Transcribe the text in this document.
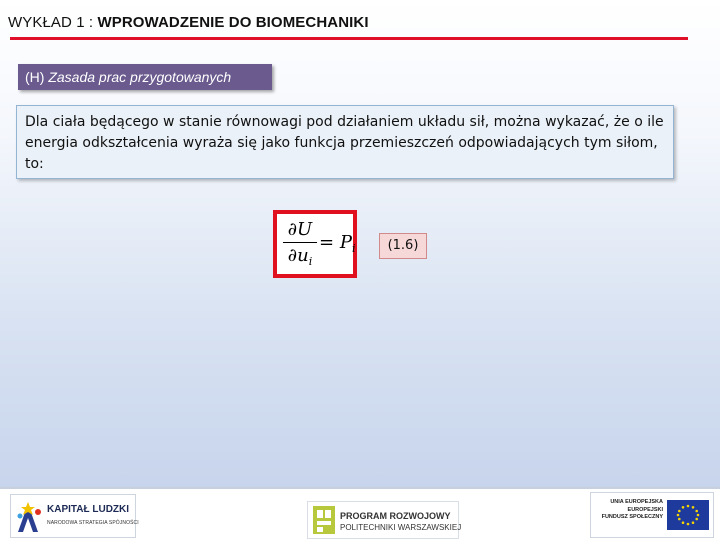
WYKŁAD 1 : WPROWADZENIE DO BIOMECHANIKI
(H) Zasada prac przygotowanych
Dla ciała będącego w stanie równowagi pod działaniem układu sił, można wykazać, że o ile energia odkształcenia wyraża się jako funkcja przemieszczeń odpowiadających tym siłom, to:
∂U
$\partial u_i$
= $P_i$	(1.6)
KAPITAŁ LUDZKI
NARODOWA STRATEGIA SPÓJNOŚCI
PROGRAM ROZWOJOWY
POLITECHNIKI WARSZAWSKIEJ
UNIA EUROPEJSKA
EUROPEJSKI
FUNDUSZ SPOŁECZNY
